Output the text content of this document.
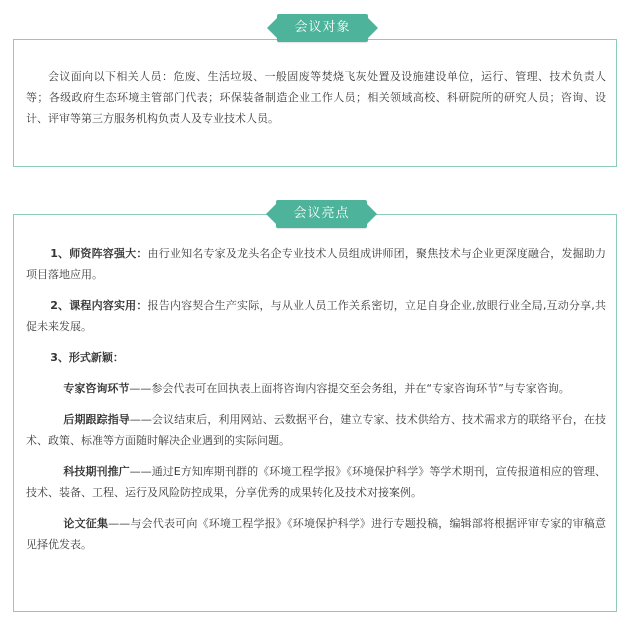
会议面向以下相关人员：危废、生活垃圾、一般固废等焚烧飞灰处置及设施建设单位，运行、管理、技术负责人等；各级政府生态环境主管部门代表；环保装备制造企业工作人员；相关领域高校、科研院所的研究人员；咨询、设计、评审等第三方服务机构负责人及专业技术人员。
会议对象

1、师资阵容强大：由行业知名专家及龙头名企专业技术人员组成讲师团，聚焦技术与企业更深度融合，发掘助力项目落地应用。

2、课程内容实用：报告内容契合生产实际，与从业人员工作关系密切，立足自身企业,放眼行业全局,互动分享,共促未来发展。

3、形式新颖：

专家咨询环节——参会代表可在回执表上面将咨询内容提交至会务组，并在“专家咨询环节”与专家咨询。

后期跟踪指导——会议结束后，利用网站、云数据平台，建立专家、技术供给方、技术需求方的联络平台，在技术、政策、标准等方面随时解决企业遇到的实际问题。

科技期刊推广——通过E方知库期刊群的《环境工程学报》《环境保护科学》等学术期刊，宣传报道相应的管理、技术、装备、工程、运行及风险防控成果，分享优秀的成果转化及技术对接案例。

论文征集——与会代表可向《环境工程学报》《环境保护科学》进行专题投稿，编辑部将根据评审专家的审稿意见择优发表。

会议亮点
